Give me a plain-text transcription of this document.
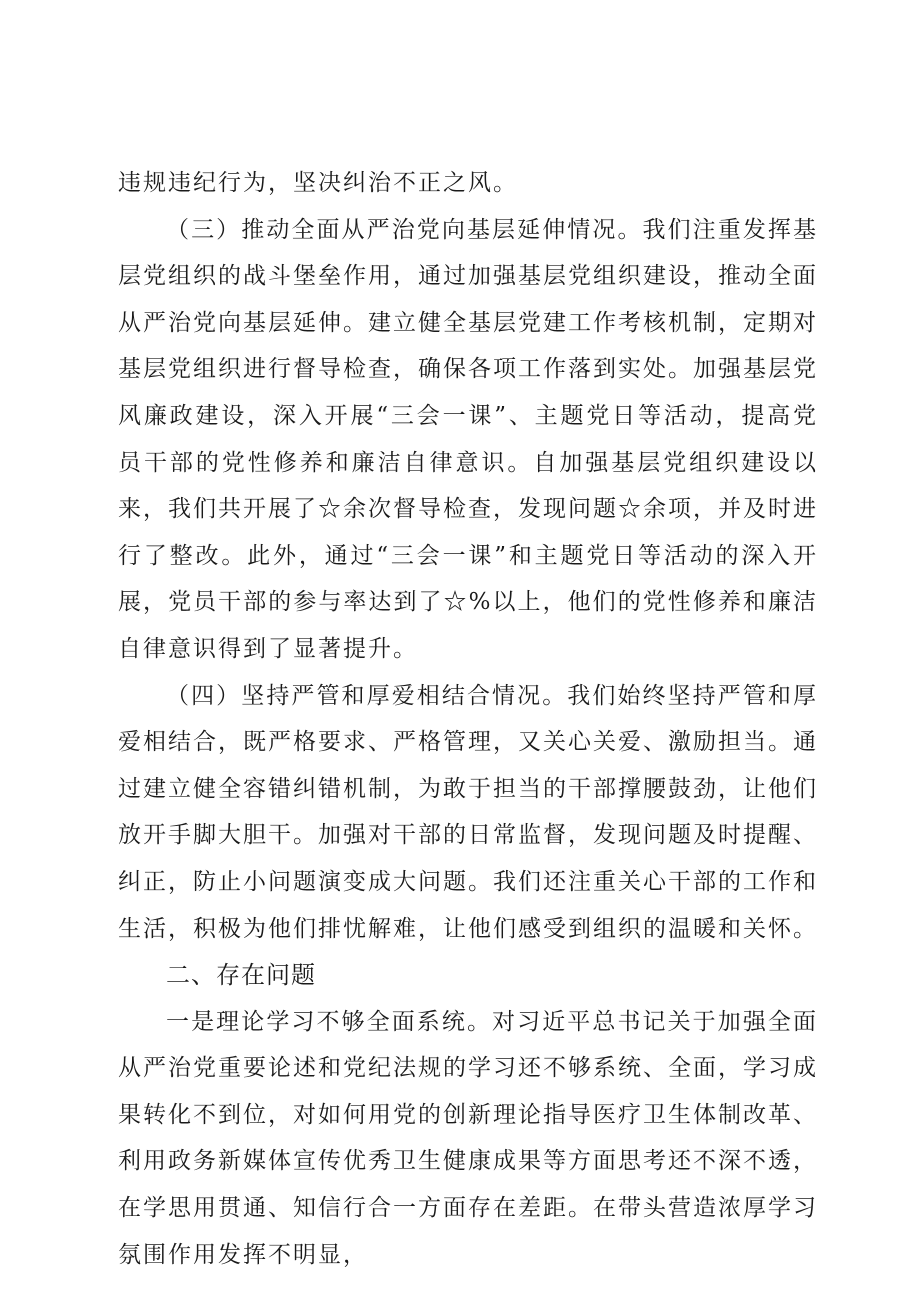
违规违纪行为，坚决纠治不正之风。

（三）推动全面从严治党向基层延伸情况。我们注重发挥基层党组织的战斗堡垒作用，通过加强基层党组织建设，推动全面从严治党向基层延伸。建立健全基层党建工作考核机制，定期对基层党组织进行督导检查，确保各项工作落到实处。加强基层党风廉政建设，深入开展“三会一课”、主题党日等活动，提高党员干部的党性修养和廉洁自律意识。自加强基层党组织建设以来，我们共开展了☆余次督导检查，发现问题☆余项，并及时进行了整改。此外，通过“三会一课”和主题党日等活动的深入开展，党员干部的参与率达到了☆%以上，他们的党性修养和廉洁自律意识得到了显著提升。

（四）坚持严管和厚爱相结合情况。我们始终坚持严管和厚爱相结合，既严格要求、严格管理，又关心关爱、激励担当。通过建立健全容错纠错机制，为敢于担当的干部撑腰鼓劲，让他们放开手脚大胆干。加强对干部的日常监督，发现问题及时提醒、纠正，防止小问题演变成大问题。我们还注重关心干部的工作和生活，积极为他们排忧解难，让他们感受到组织的温暖和关怀。

二、存在问题

一是理论学习不够全面系统。对习近平总书记关于加强全面从严治党重要论述和党纪法规的学习还不够系统、全面，学习成果转化不到位，对如何用党的创新理论指导医疗卫生体制改革、利用政务新媒体宣传优秀卫生健康成果等方面思考还不深不透，在学思用贯通、知信行合一方面存在差距。在带头营造浓厚学习氛围作用发挥不明显，
